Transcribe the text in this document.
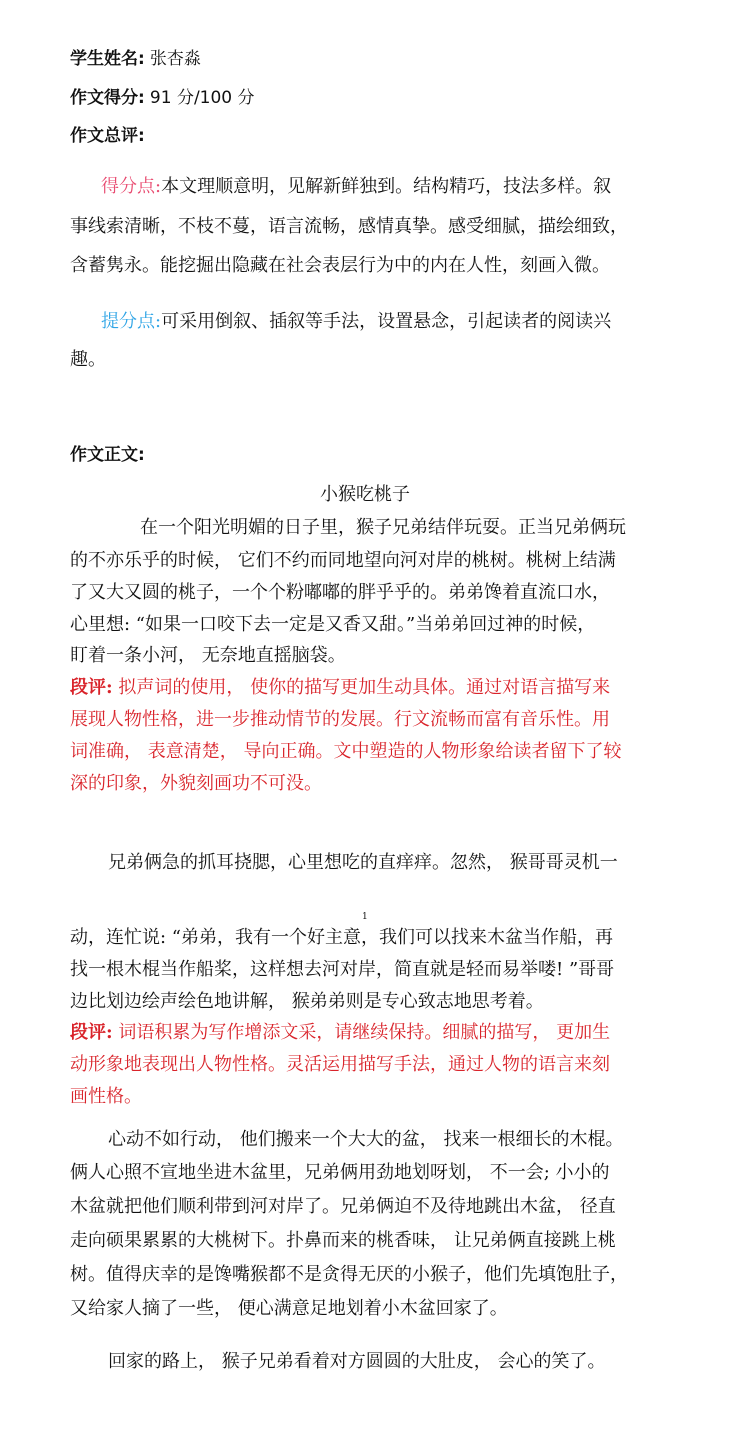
学生姓名: 张杏淼
作文得分: 91 分/100 分
作文总评:
得分点:本文理顺意明，见解新鲜独到。结构精巧，技法多样。叙
事线索清晰，不枝不蔓，语言流畅，感情真挚。感受细腻，描绘细致，
含蓄隽永。能挖掘出隐藏在社会表层行为中的内在人性，刻画入微。
提分点:可采用倒叙、插叙等手法，设置悬念，引起读者的阅读兴
趣。
作文正文:
小猴吃桃子
在一个阳光明媚的日子里，猴子兄弟结伴玩耍。正当兄弟俩玩
的不亦乐乎的时候， 它们不约而同地望向河对岸的桃树。桃树上结满
了又大又圆的桃子，一个个粉嘟嘟的胖乎乎的。弟弟馋着直流口水，
心里想: “如果一口咬下去一定是又香又甜。”当弟弟回过神的时候，
盯着一条小河， 无奈地直摇脑袋。
段评: 拟声词的使用， 使你的描写更加生动具体。通过对语言描写来
展现人物性格，进一步推动情节的发展。行文流畅而富有音乐性。用
词准确， 表意清楚， 导向正确。文中塑造的人物形象给读者留下了较
深的印象，外貌刻画功不可没。
兄弟俩急的抓耳挠腮，心里想吃的直痒痒。忽然， 猴哥哥灵机一
1
动，连忙说: “弟弟，我有一个好主意，我们可以找来木盆当作船，再
找一根木棍当作船桨，这样想去河对岸，简直就是轻而易举喽! ”哥哥
边比划边绘声绘色地讲解， 猴弟弟则是专心致志地思考着。
段评: 词语积累为写作增添文采，请继续保持。细腻的描写， 更加生
动形象地表现出人物性格。灵活运用描写手法，通过人物的语言来刻
画性格。
心动不如行动， 他们搬来一个大大的盆， 找来一根细长的木棍。
俩人心照不宣地坐进木盆里，兄弟俩用劲地划呀划， 不一会; 小小的
木盆就把他们顺利带到河对岸了。兄弟俩迫不及待地跳出木盆， 径直
走向硕果累累的大桃树下。扑鼻而来的桃香味， 让兄弟俩直接跳上桃
树。值得庆幸的是馋嘴猴都不是贪得无厌的小猴子，他们先填饱肚子，
又给家人摘了一些， 便心满意足地划着小木盆回家了。
回家的路上， 猴子兄弟看着对方圆圆的大肚皮， 会心的笑了。
